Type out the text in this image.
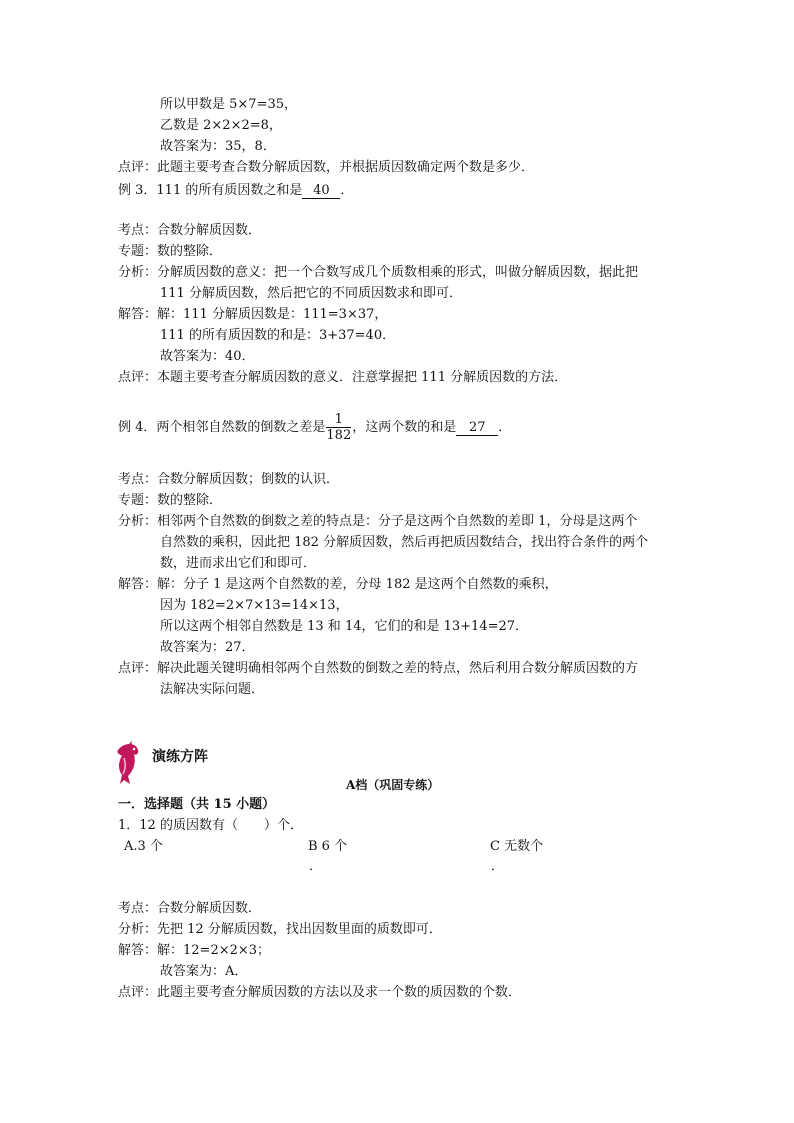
所以甲数是 5×7=35，
乙数是 2×2×2=8，
故答案为：35，8．
点评：此题主要考查合数分解质因数，并根据质因数确定两个数是多少．
例 3．111 的所有质因数之和是 40 ．
考点：合数分解质因数．
专题：数的整除．
分析：分解质因数的意义：把一个合数写成几个质数相乘的形式，叫做分解质因数，据此把
111 分解质因数，然后把它的不同质因数求和即可．
解答：解：111 分解质因数是：111=3×37，
111 的所有质因数的和是：3+37=40．
故答案为：40．
点评：本题主要考查分解质因数的意义．注意掌握把 111 分解质因数的方法．
例 4．两个相邻自然数的倒数之差是 $\frac{1}{182}$ ，这两个数的和是 27 ．
考点：合数分解质因数；倒数的认识．
专题：数的整除．
分析：相邻两个自然数的倒数之差的特点是：分子是这两个自然数的差即 1，分母是这两个
自然数的乘积，因此把 182 分解质因数，然后再把质因数结合，找出符合条件的两个
数，进而求出它们和即可．
解答：解：分子 1 是这两个自然数的差，分母 182 是这两个自然数的乘积，
因为 182=2×7×13=14×13，
所以这两个相邻自然数是 13 和 14，它们的和是 13+14=27．
故答案为：27．
点评：解决此题关键明确相邻两个自然数的倒数之差的特点，然后利用合数分解质因数的方
法解决实际问题．
演练方阵
A档（巩固专练）
一．选择题（共 15 小题）
1．12 的质因数有（　　）个．
A.3 个	B 6 个	C 无数个
．	．
考点：合数分解质因数．
分析：先把 12 分解质因数，找出因数里面的质数即可．
解答：解：12=2×2×3；
故答案为：A．
点评：此题主要考查分解质因数的方法以及求一个数的质因数的个数．
